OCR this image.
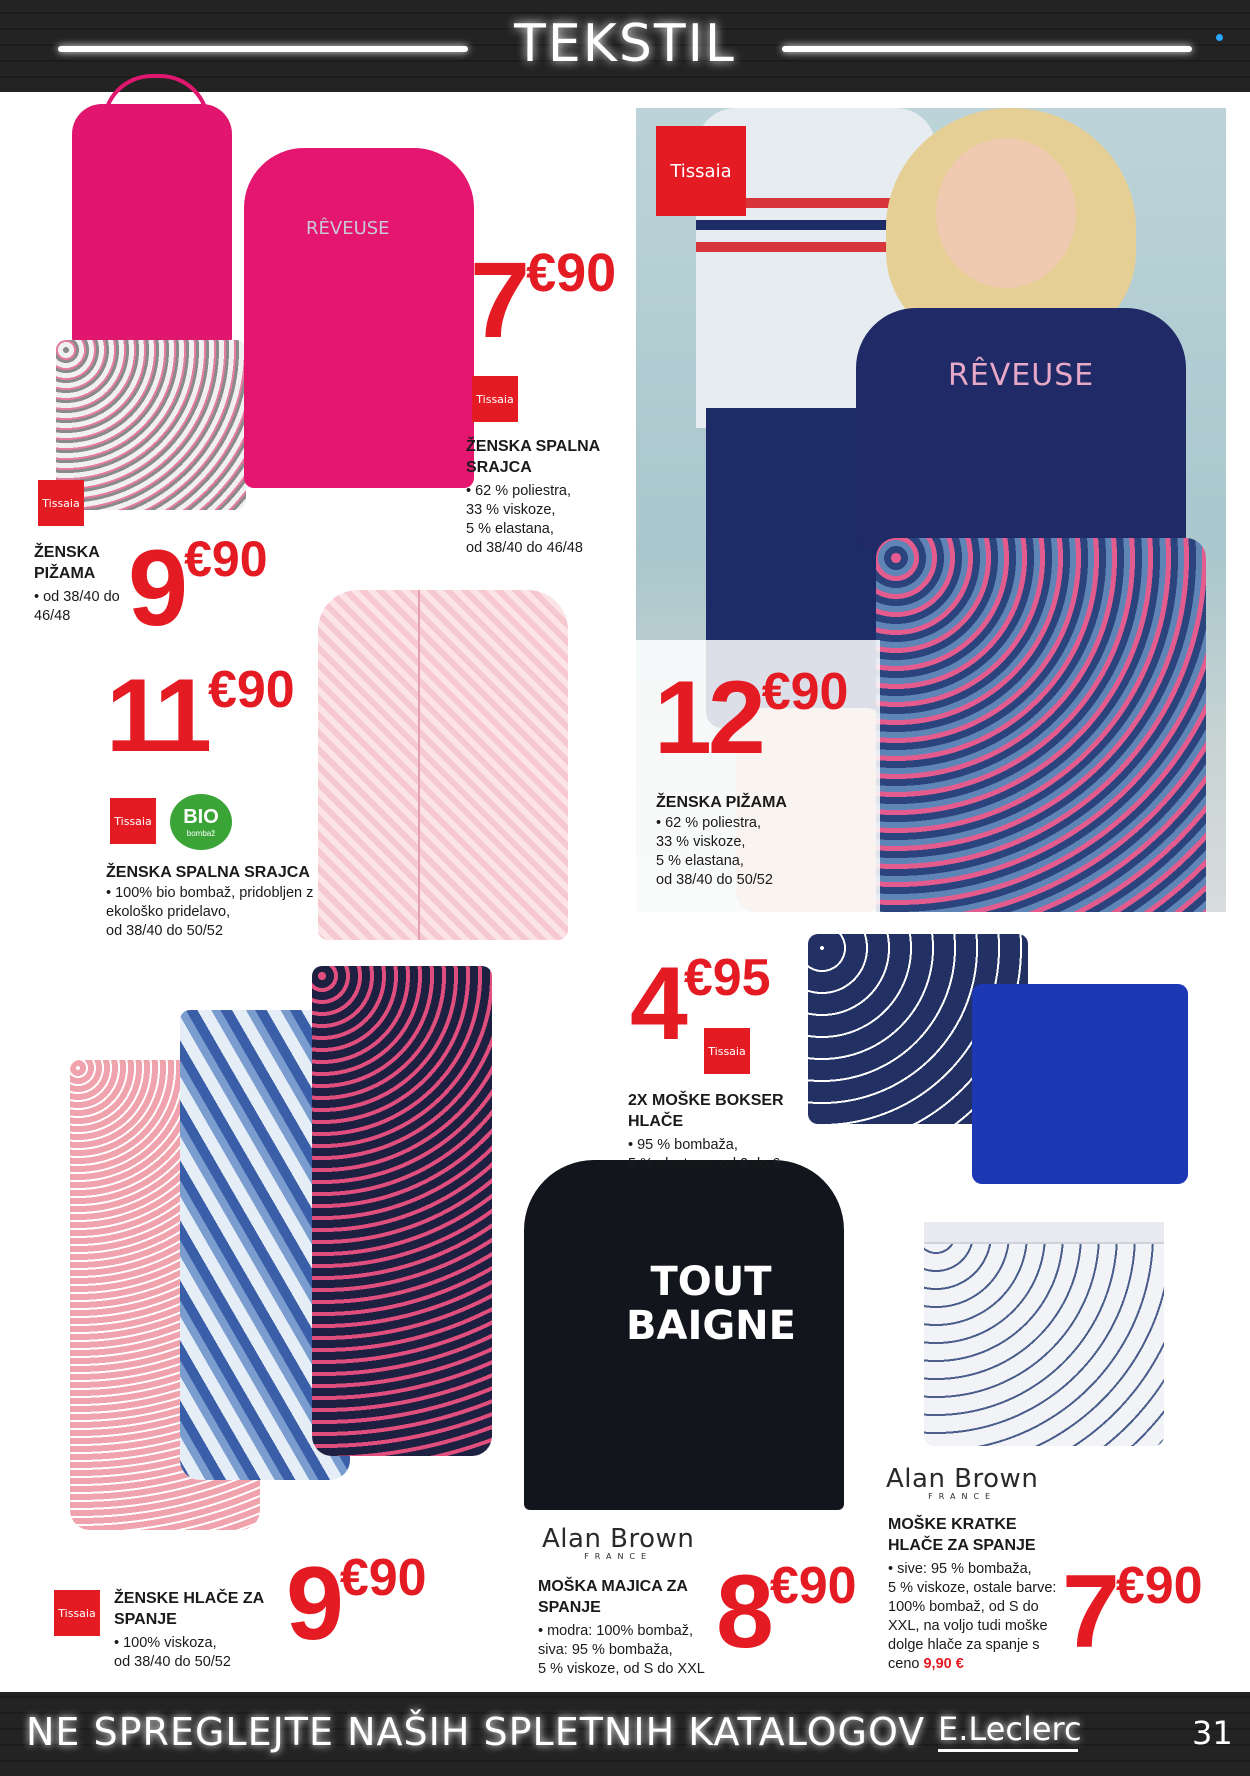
TEKSTIL
RÊVEUSE
Tissaia
RÊVEUSE
TOUT
BAIGNE
Tissaia
ŽENSKA
PIŽAMA
• od 38/40 do
46/48 9€90
7€90
Tissaia
ŽENSKA SPALNA
SRAJCA
• 62 % poliestra,
33 % viskoze,
5 % elastana,
od 38/40 do 46/48
11€90
Tissaia BIO
bombaž
ŽENSKA SPALNA SRAJCA
• 100% bio bombaž, pridobljen z
ekološko pridelavo,
od 38/40 do 50/52
12€90
ŽENSKA PIŽAMA
• 62 % poliestra,
33 % viskoze,
5 % elastana,
od 38/40 do 50/52
4€95
Tissaia
2X MOŠKE BOKSER
HLAČE
• 95 % bombaža,
5 % elastana, od 2 do 6
Tissaia
ŽENSKE HLAČE ZA
SPANJE
• 100% viskoza,
od 38/40 do 50/52 9€90
Alan Brown
FRANCE
MOŠKA MAJICA ZA
SPANJE
• modra: 100% bombaž,
siva: 95 % bombaža,
5 % viskoze, od S do XXL 8€90
Alan Brown
FRANCE
MOŠKE KRATKE
HLAČE ZA SPANJE
• sive: 95 % bombaža,
5 % viskoze, ostale barve:
100% bombaž, od S do
XXL, na voljo tudi moške
dolge hlače za spanje s
ceno 9,90 € 7€90
NE SPREGLEJTE NAŠIH SPLETNIH KATALOGOV E.Leclerc	31
